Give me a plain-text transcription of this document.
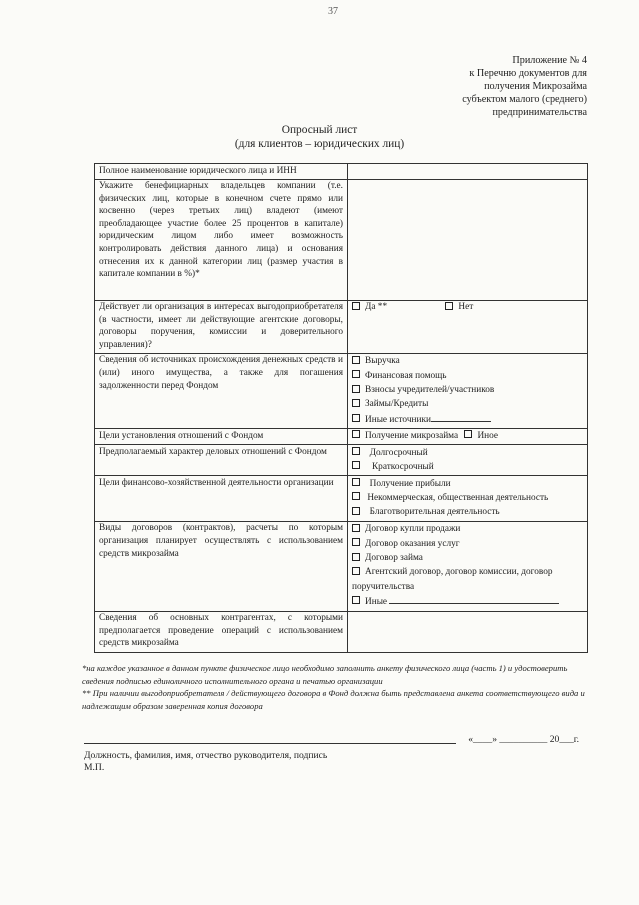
37
Приложение № 4
к Перечню документов для
получения Микрозайма
субъектом малого (среднего)
предпринимательства
Опросный лист
(для клиентов – юридических лиц)
Полное наименование юридического лица и ИНН	
Укажите бенефициарных владельцев компании (т.е. физических лиц, которые в конечном счете прямо или косвенно (через третьих лиц) владеют (имеют преобладающее участие более 25 процентов в капитале) юридическим лицом либо имеет возможность контролировать действия данного лица) и основания отнесения их к данной категории лиц (размер участия в капитале компании в %)*	
Действует ли организация в интересах выгодоприобретателя (в частности, имеет ли действующие агентские договоры, договоры поручения, комиссии и доверительного управления)?	Да ** Нет
Сведения об источниках происхождения денежных средств и (или) иного имущества, а также для погашения задолженности перед Фондом	Выручка
Финансовая помощь
Взносы учредителей/участников
Займы/Кредиты
Иные источники

Цели установления отношений с Фондом	Получение микрозайма Иное
Предполагаемый характер деловых отношений с Фондом	Долгосрочный
Краткосрочный

Цели финансово-хозяйственной деятельности организации	Получение прибыли
Некоммерческая, общественная деятельность
Благотворительная деятельность

Виды договоров (контрактов), расчеты по которым организация планирует осуществлять с использованием средств микрозайма	Договор купли продажи
Договор оказания услуг
Договор займа
Агентский договор, договор комиссии, договор поручительства
Иные

Сведения об основных контрагентах, с которыми предполагается проведение операций с использованием средств микрозайма	
*на каждое указанное в данном пункте физическое лицо необходимо заполнить анкету физического лица (часть 1) и удостоверить сведения подписью единоличного исполнительного органа и печатью организации
** При наличии выгодоприобретателя / действующего договора в Фонд должна быть представлена анкета соответствующего вида и надлежащим образом заверенная копия договора
«____» __________ 20___г.
Должность, фамилия, имя, отчество руководителя, подпись
М.П.
